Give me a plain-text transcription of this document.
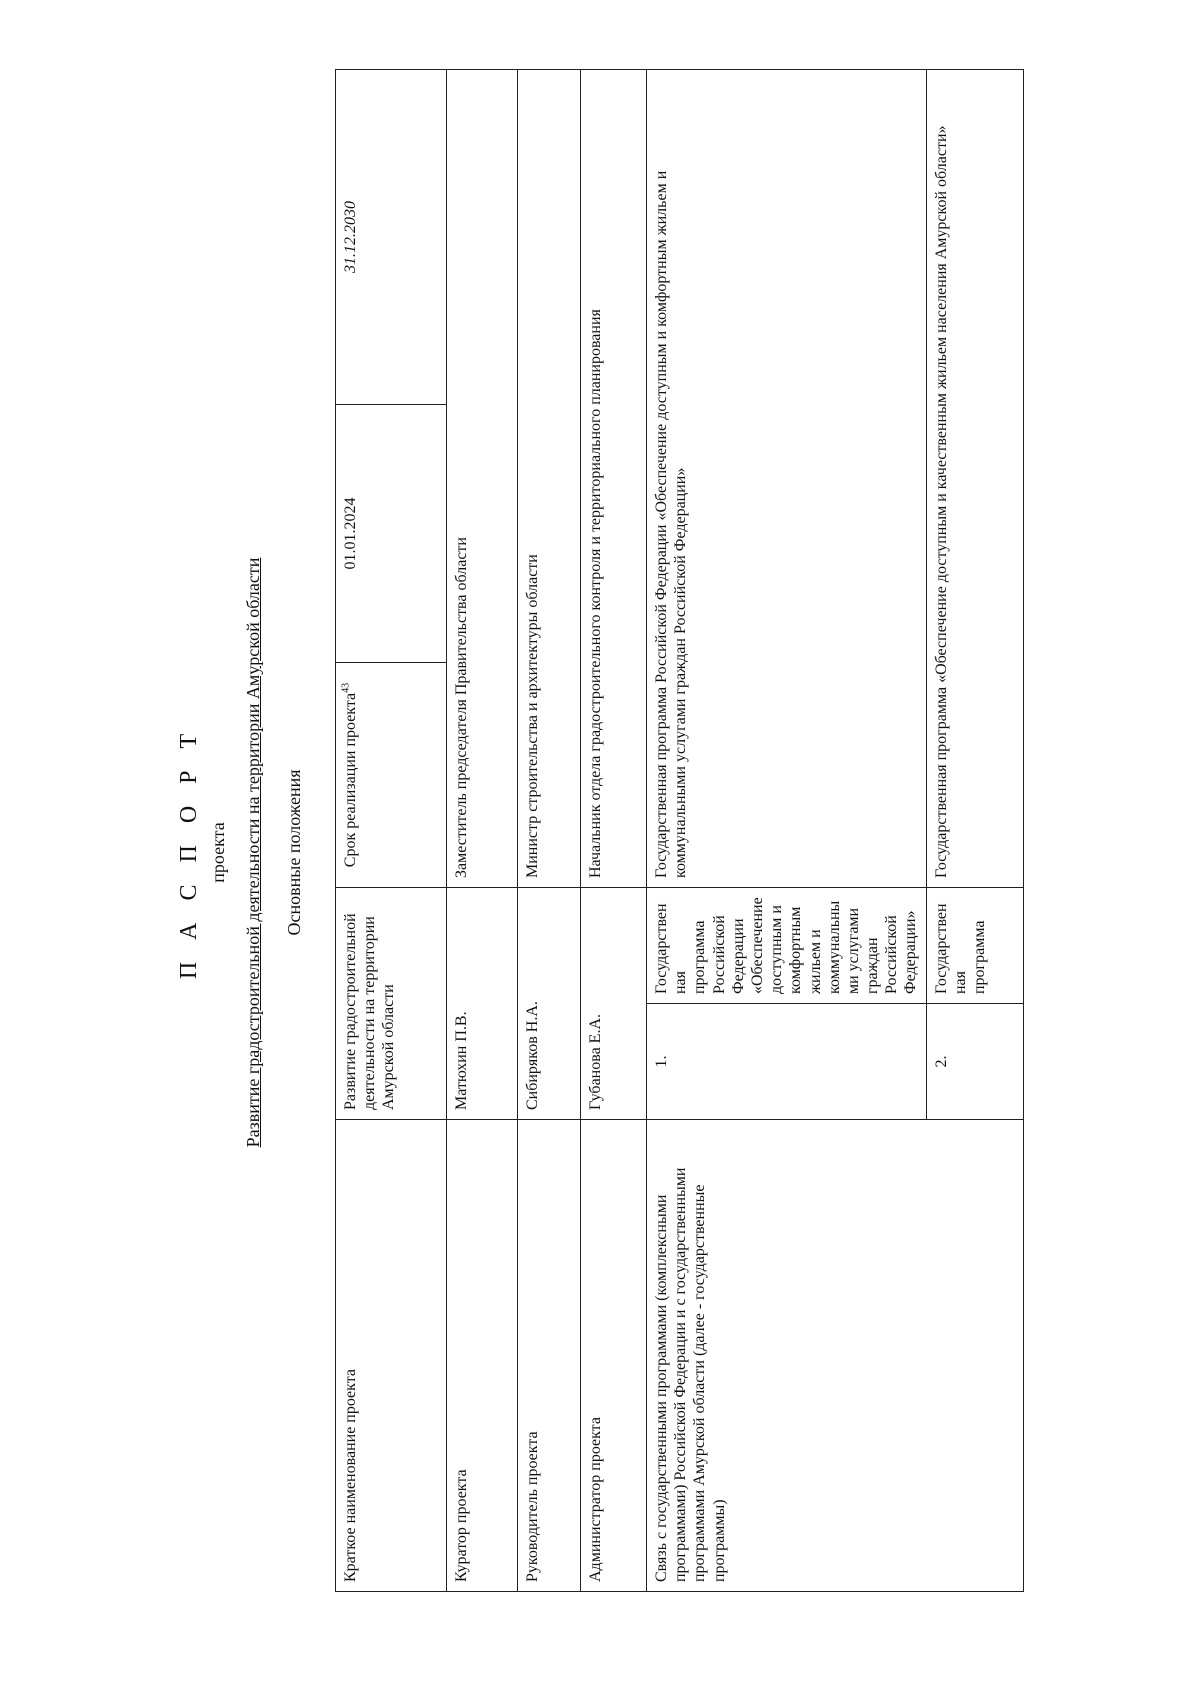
П А С П О Р Т проекта Развитие градостроительной деятельности на территории Амурской области Основные положения
Краткое наименование проекта	Развитие градостроительной деятельности на территории Амурской области		Срок реализации проекта$^{43}$	01.01.2024	31.12.2030
Куратор проекта	Матюхин П.В.		Заместитель председателя Правительства области		
Руководитель проекта	Сибиряков Н.А.		Министр строительства и архитектуры области		
Администратор проекта	Губанова Е.А.		Начальник отдела градостроительного контроля и территориального планирования		
Связь с государственными программами (комплексными программами) Российской Федерации и с государственными программами Амурской области (далее - государственные программы)	1.	Государственная программа Российской Федерации «Обеспечение доступным и комфортным жильем и коммунальными услугами граждан Российской Федерации»	Государственная программа Российской Федерации «Обеспечение доступным и комфортным жильем и коммунальными услугами граждан Российской Федерации»		
	2.	Государственная программа	Государственная программа «Обеспечение доступным и качественным жильем населения Амурской области»		
